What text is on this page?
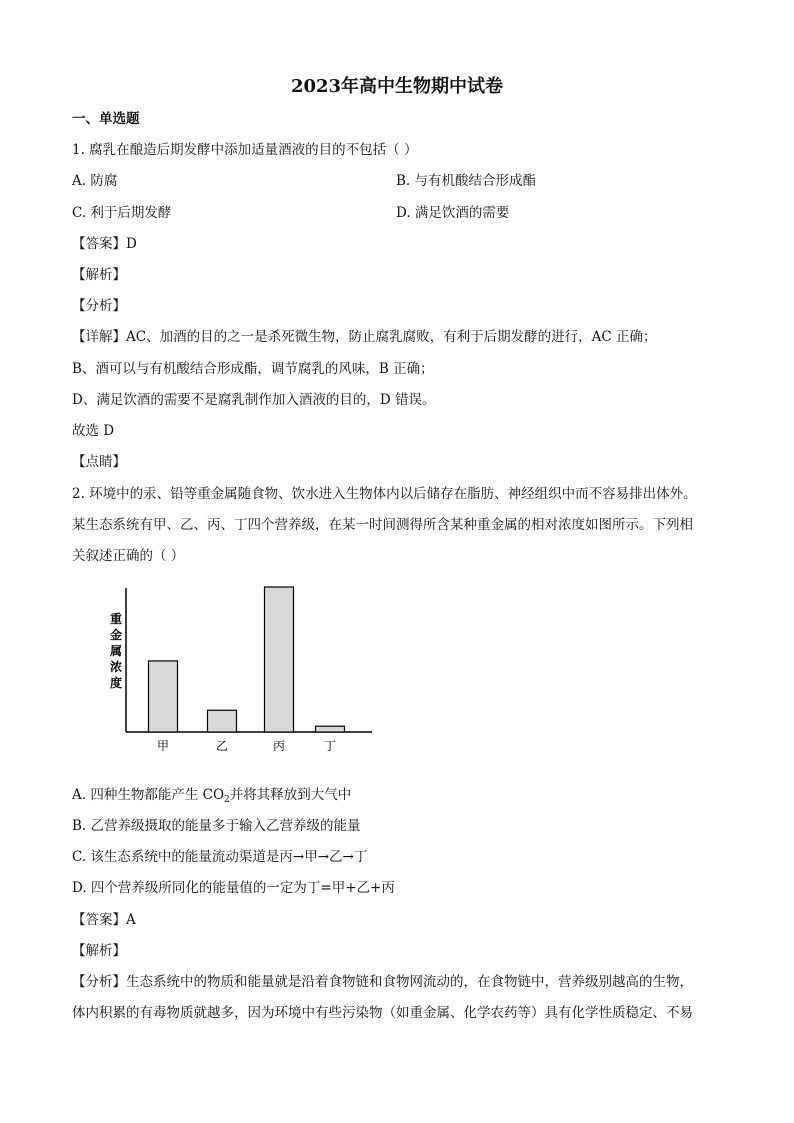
2023年高中生物期中试卷
一、单选题
1. 腐乳在酿造后期发酵中添加适量酒液的目的不包括（ ）
A. 防腐	B. 与有机酸结合形成酯
C. 利于后期发酵	D. 满足饮酒的需要
【答案】D
【解析】
【分析】
【详解】AC、加酒的目的之一是杀死微生物，防止腐乳腐败，有利于后期发酵的进行，AC 正确；
B、酒可以与有机酸结合形成酯，调节腐乳的风味，B 正确；
D、满足饮酒的需要不是腐乳制作加入酒液的目的，D 错误。
故选 D
【点睛】
2. 环境中的汞、铅等重金属随食物、饮水进入生物体内以后储存在脂肪、神经组织中而不容易排出体外。
某生态系统有甲、乙、丙、丁四个营养级，在某一时间测得所含某种重金属的相对浓度如图所示。下列相
关叙述正确的（ ）
重
金
属
浓
度
甲	乙	丙	丁
A. 四种生物都能产生 $CO_2$并将其释放到大气中
B. 乙营养级摄取的能量多于输入乙营养级的能量
C. 该生态系统中的能量流动渠道是丙→甲→乙→丁
D. 四个营养级所同化的能量值的一定为丁=甲+乙+丙
【答案】A
【解析】
【分析】生态系统中的物质和能量就是沿着食物链和食物网流动的，在食物链中，营养级别越高的生物，
体内积累的有毒物质就越多，因为环境中有些污染物（如重金属、化学农药等）具有化学性质稳定、不易
